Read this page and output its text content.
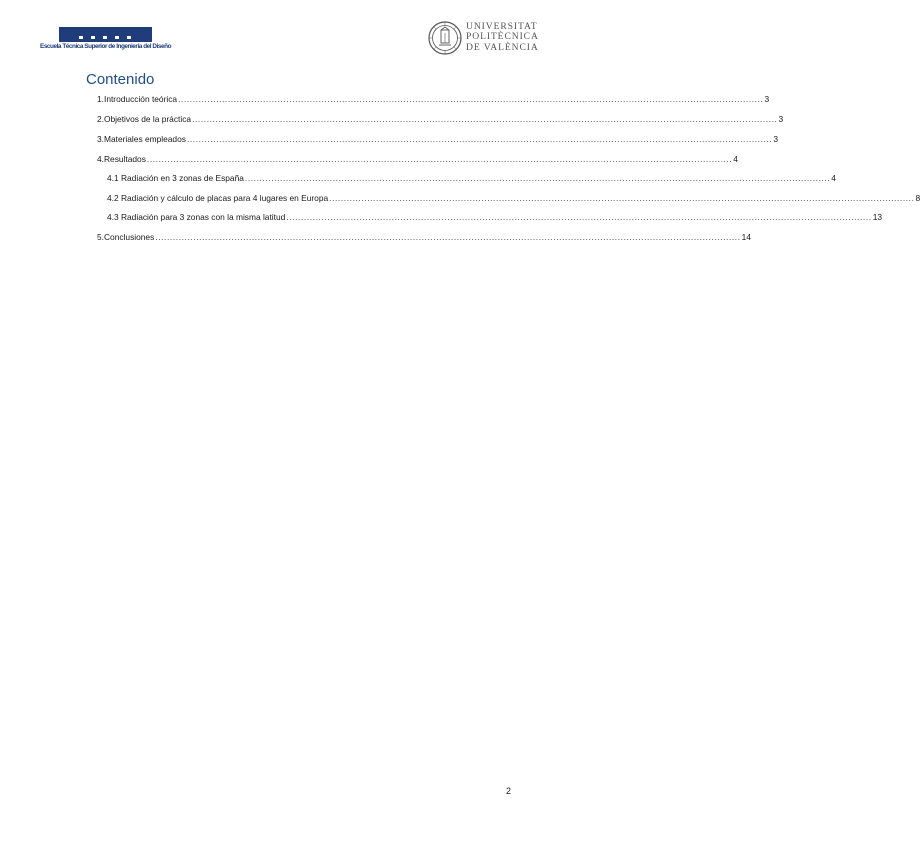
Escuela Técnica Superior de Ingeniería del Diseño
UNIVERSITAT
POLITÈCNICA
DE VALÈNCIA
Contenido
1. Introducción teórica ........................................................................................................................................................................................................ 3
2. Objetivos de la práctica ........................................................................................................................................................................................................ 3
3. Materiales empleados ........................................................................................................................................................................................................ 3
4. Resultados ........................................................................................................................................................................................................ 4
4.1 Radiación en 3 zonas de España ........................................................................................................................................................................................................ 4
4.2 Radiación y cálculo de placas para 4 lugares en Europa ........................................................................................................................................................................................................ 8
4.3 Radiación para 3 zonas con la misma latitud ........................................................................................................................................................................................................ 13
5. Conclusiones ........................................................................................................................................................................................................ 14
2
